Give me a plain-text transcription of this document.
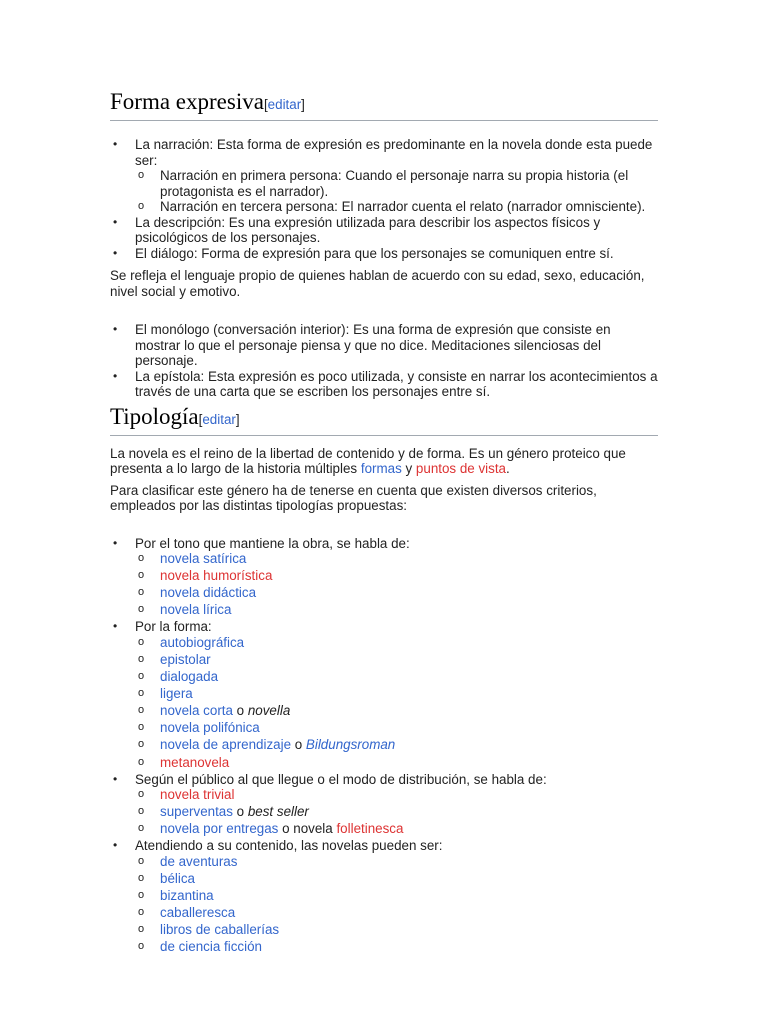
Forma expresiva[editar]
• La narración: Esta forma de expresión es predominante en la novela donde esta puede ser:
o Narración en primera persona: Cuando el personaje narra su propia historia (el protagonista es el narrador).
o Narración en tercera persona: El narrador cuenta el relato (narrador omnisciente).
• La descripción: Es una expresión utilizada para describir los aspectos físicos y psicológicos de los personajes.
• El diálogo: Forma de expresión para que los personajes se comuniquen entre sí.

Se refleja el lenguaje propio de quienes hablan de acuerdo con su edad, sexo, educación, nivel social y emotivo.

• El monólogo (conversación interior): Es una forma de expresión que consiste en mostrar lo que el personaje piensa y que no dice. Meditaciones silenciosas del personaje.
• La epístola: Esta expresión es poco utilizada, y consiste en narrar los acontecimientos a través de una carta que se escriben los personajes entre sí.
Tipología[editar]

La novela es el reino de la libertad de contenido y de forma. Es un género proteico que presenta a lo largo de la historia múltiples formas y puntos de vista.

Para clasificar este género ha de tenerse en cuenta que existen diversos criterios, empleados por las distintas tipologías propuestas:

• Por el tono que mantiene la obra, se habla de:
o novela satírica
o novela humorística
o novela didáctica
o novela lírica
• Por la forma:
o autobiográfica
o epistolar
o dialogada
o ligera
o novela corta o novella
o novela polifónica
o novela de aprendizaje o Bildungsroman
o metanovela
• Según el público al que llegue o el modo de distribución, se habla de:
o novela trivial
o superventas o best seller
o novela por entregas o novela folletinesca
• Atendiendo a su contenido, las novelas pueden ser:
o de aventuras
o bélica
o bizantina
o caballeresca
o libros de caballerías
o de ciencia ficción
